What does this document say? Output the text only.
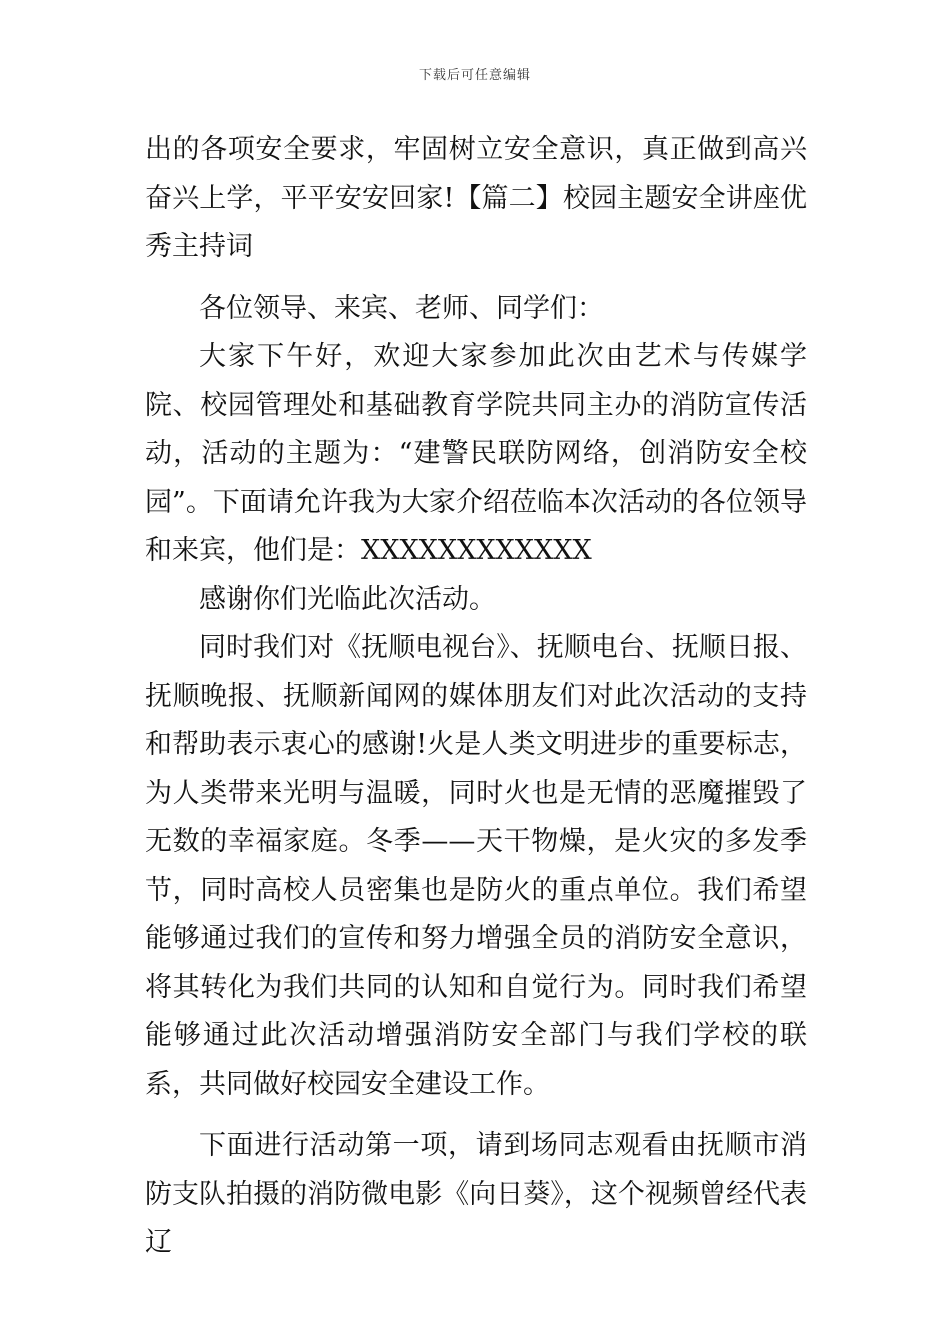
下载后可任意编辑

出的各项安全要求，牢固树立安全意识，真正做到高兴奋兴上学，平平安安回家!【篇二】校园主题安全讲座优秀主持词

各位领导、来宾、老师、同学们：

大家下午好，欢迎大家参加此次由艺术与传媒学院、校园管理处和基础教育学院共同主办的消防宣传活动，活动的主题为：“建警民联防网络，创消防安全校园”。下面请允许我为大家介绍莅临本次活动的各位领导和来宾，他们是：XXXXXXXXXXXX

感谢你们光临此次活动。

同时我们对《抚顺电视台》、抚顺电台、抚顺日报、抚顺晚报、抚顺新闻网的媒体朋友们对此次活动的支持和帮助表示衷心的感谢!火是人类文明进步的重要标志，为人类带来光明与温暖，同时火也是无情的恶魔摧毁了无数的幸福家庭。冬季——天干物燥，是火灾的多发季节，同时高校人员密集也是防火的重点单位。我们希望能够通过我们的宣传和努力增强全员的消防安全意识，将其转化为我们共同的认知和自觉行为。同时我们希望能够通过此次活动增强消防安全部门与我们学校的联系，共同做好校园安全建设工作。

下面进行活动第一项，请到场同志观看由抚顺市消防支队拍摄的消防微电影《向日葵》，这个视频曾经代表辽
